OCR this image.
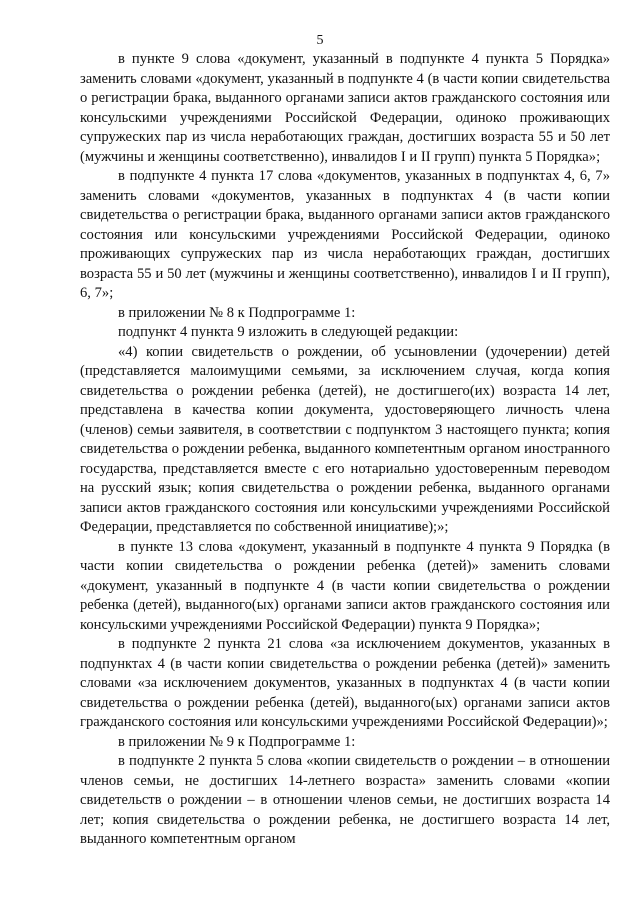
5

в пункте 9 слова «документ, указанный в подпункте 4 пункта 5 Порядка» заменить словами «документ, указанный в подпункте 4 (в части копии свидетельства о регистрации брака, выданного органами записи актов гражданского состояния или консульскими учреждениями Российской Федерации, одиноко проживающих супружеских пар из числа неработающих граждан, достигших возраста 55 и 50 лет (мужчины и женщины соответственно), инвалидов I и II групп) пункта 5 Порядка»;

в подпункте 4 пункта 17 слова «документов, указанных в подпунктах 4, 6, 7» заменить словами «документов, указанных в подпунктах 4 (в части копии свидетельства о регистрации брака, выданного органами записи актов гражданского состояния или консульскими учреждениями Российской Федерации, одиноко проживающих супружеских пар из числа неработающих граждан, достигших возраста 55 и 50 лет (мужчины и женщины соответственно), инвалидов I и II групп), 6, 7»;

в приложении № 8 к Подпрограмме 1:

подпункт 4 пункта 9 изложить в следующей редакции:

«4) копии свидетельств о рождении, об усыновлении (удочерении) детей (представляется малоимущими семьями, за исключением случая, когда копия свидетельства о рождении ребенка (детей), не достигшего(их) возраста 14 лет, представлена в качества копии документа, удостоверяющего личность члена (членов) семьи заявителя, в соответствии с подпунктом 3 настоящего пункта; копия свидетельства о рождении ребенка, выданного компетентным органом иностранного государства, представляется вместе с его нотариально удостоверенным переводом на русский язык; копия свидетельства о рождении ребенка, выданного органами записи актов гражданского состояния или консульскими учреждениями Российской Федерации, представляется по собственной инициативе);»;

в пункте 13 слова «документ, указанный в подпункте 4 пункта 9 Порядка (в части копии свидетельства о рождении ребенка (детей)» заменить словами «документ, указанный в подпункте 4 (в части копии свидетельства о рождении ребенка (детей), выданного(ых) органами записи актов гражданского состояния или консульскими учреждениями Российской Федерации) пункта 9 Порядка»;

в подпункте 2 пункта 21 слова «за исключением документов, указанных в подпунктах 4 (в части копии свидетельства о рождении ребенка (детей)» заменить словами «за исключением документов, указанных в подпунктах 4 (в части копии свидетельства о рождении ребенка (детей), выданного(ых) органами записи актов гражданского состояния или консульскими учреждениями Российской Федерации)»;

в приложении № 9 к Подпрограмме 1:

в подпункте 2 пункта 5 слова «копии свидетельств о рождении – в отношении членов семьи, не достигших 14-летнего возраста» заменить словами «копии свидетельств о рождении – в отношении членов семьи, не достигших возраста 14 лет; копия свидетельства о рождении ребенка, не достигшего возраста 14 лет, выданного компетентным органом
